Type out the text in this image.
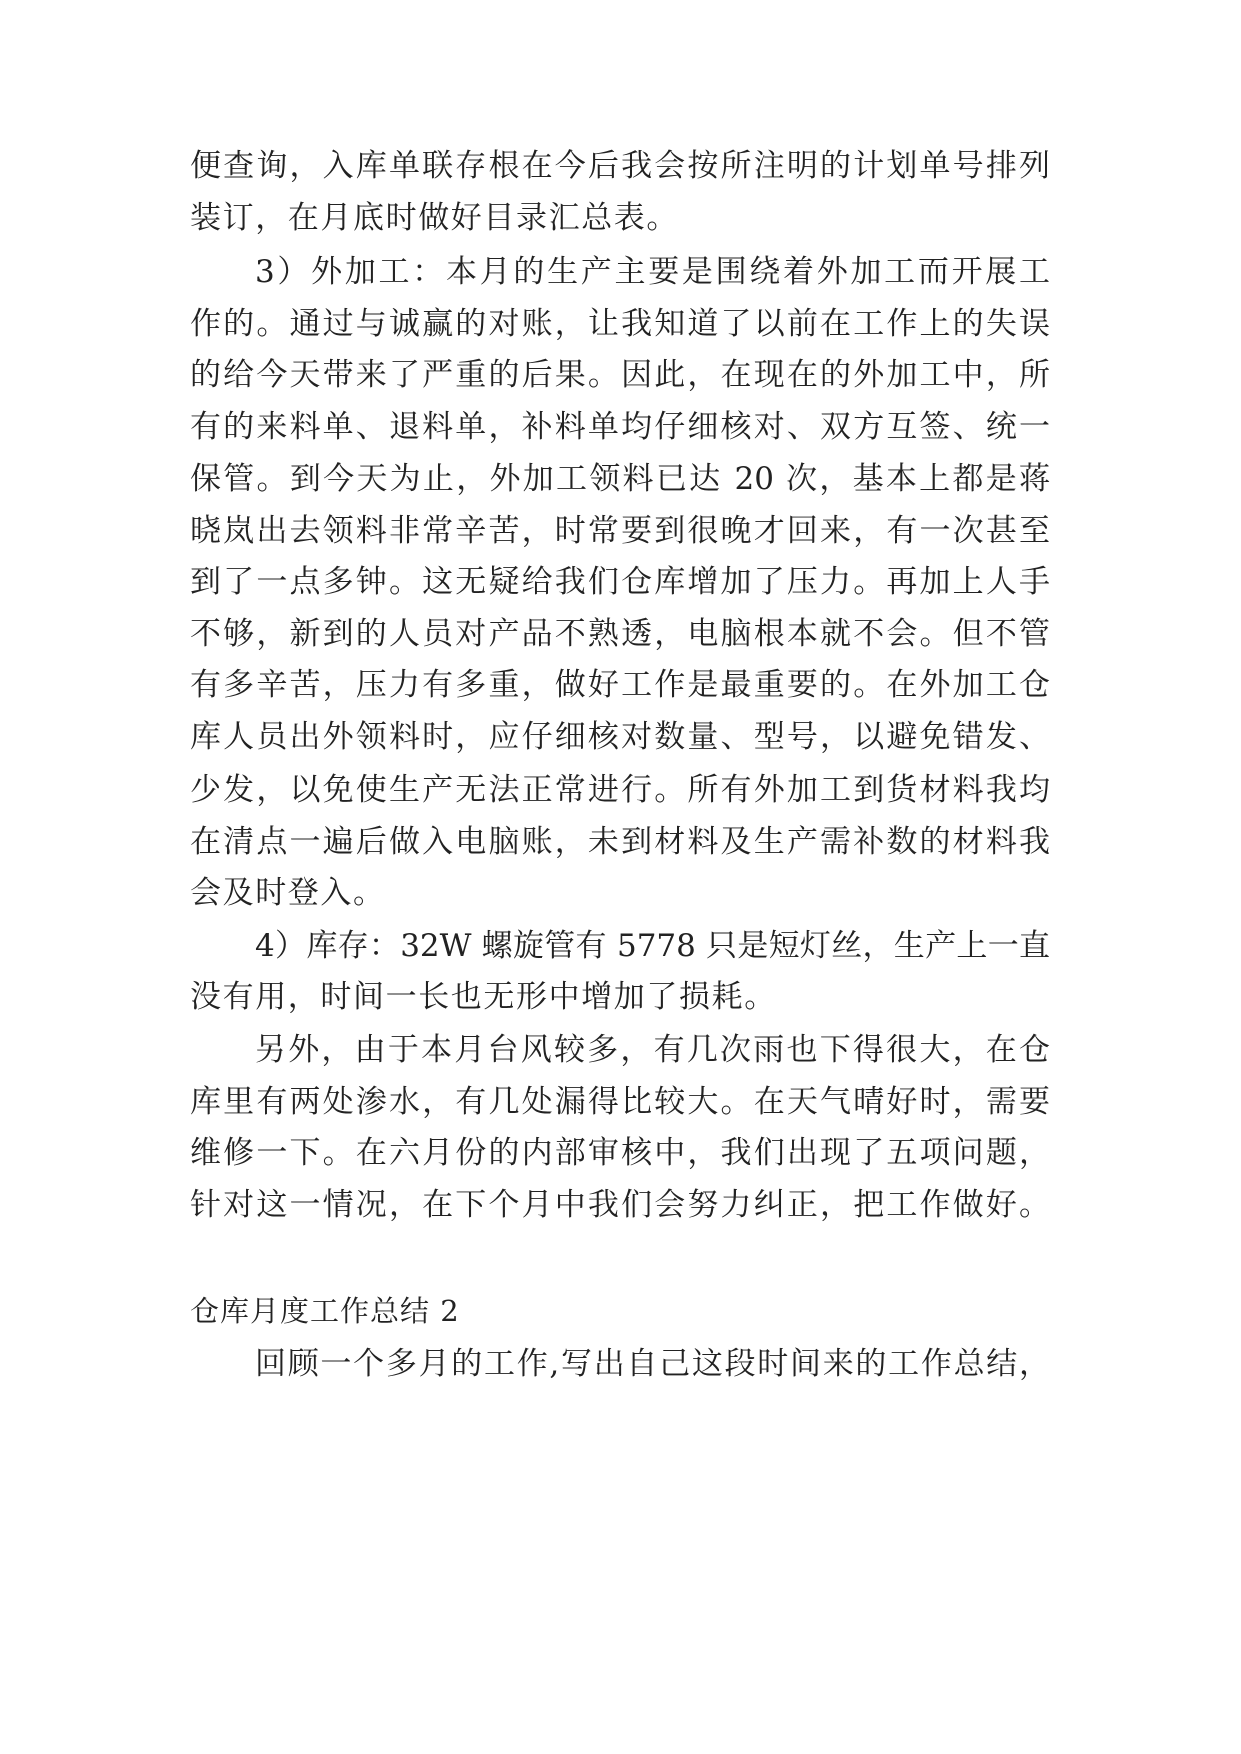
便查询，入库单联存根在今后我会按所注明的计划单号排列
装订，在月底时做好目录汇总表。
3）外加工：本月的生产主要是围绕着外加工而开展工
作的。通过与诚赢的对账，让我知道了以前在工作上的失误
的给今天带来了严重的后果。因此，在现在的外加工中，所
有的来料单、退料单，补料单均仔细核对、双方互签、统一
保管。到今天为止，外加工领料已达 20 次，基本上都是蒋
晓岚出去领料非常辛苦，时常要到很晚才回来，有一次甚至
到了一点多钟。这无疑给我们仓库增加了压力。再加上人手
不够，新到的人员对产品不熟透，电脑根本就不会。但不管
有多辛苦，压力有多重，做好工作是最重要的。在外加工仓
库人员出外领料时，应仔细核对数量、型号，以避免错发、
少发，以免使生产无法正常进行。所有外加工到货材料我均
在清点一遍后做入电脑账，未到材料及生产需补数的材料我
会及时登入。
4）库存：32W 螺旋管有 5778 只是短灯丝，生产上一直
没有用，时间一长也无形中增加了损耗。
另外，由于本月台风较多，有几次雨也下得很大，在仓
库里有两处渗水，有几处漏得比较大。在天气晴好时，需要
维修一下。在六月份的内部审核中，我们出现了五项问题，
针对这一情况，在下个月中我们会努力纠正，把工作做好。
仓库月度工作总结 2
回顾一个多月的工作,写出自己这段时间来的工作总结，
